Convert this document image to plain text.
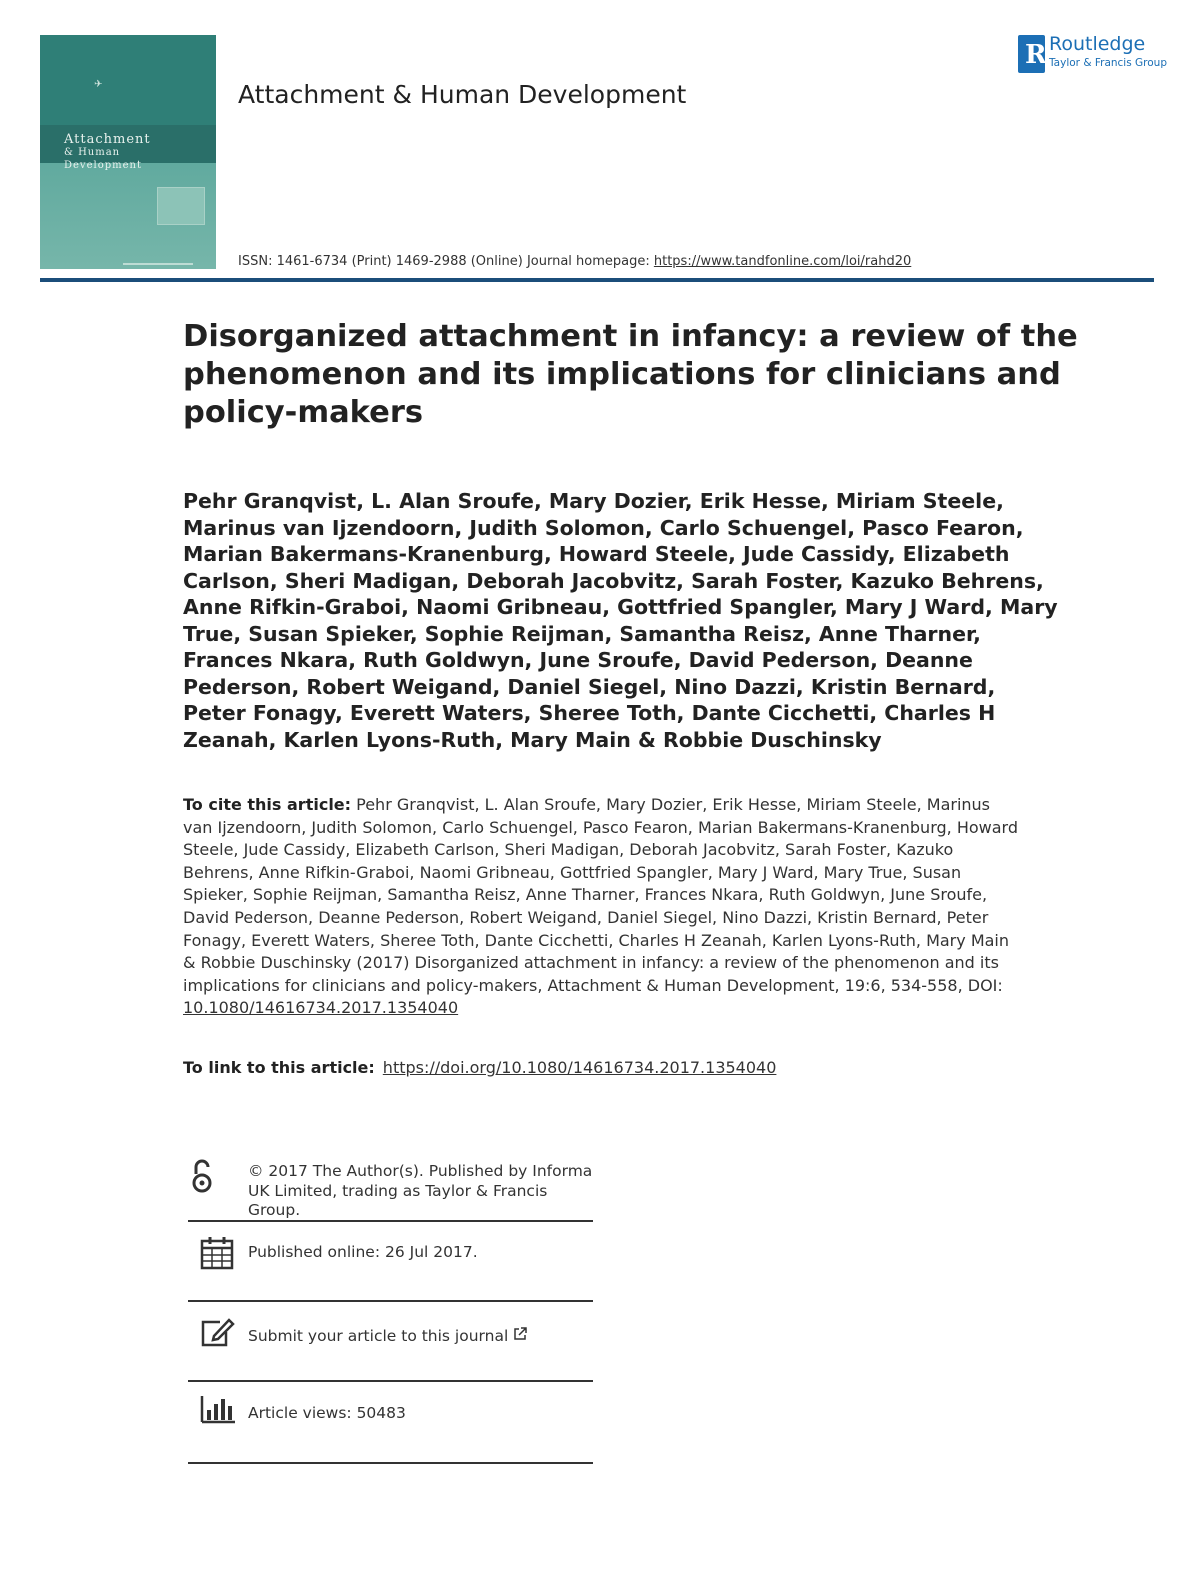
✈
Attachment
& Human
Development
Attachment & Human Development
R Routledge
Taylor & Francis Group
ISSN: 1461-6734 (Print) 1469-2988 (Online) Journal homepage: https://www.tandfonline.com/loi/rahd20
Disorganized attachment in infancy: a review of the phenomenon and its implications for clinicians and policy-makers
Pehr Granqvist, L. Alan Sroufe, Mary Dozier, Erik Hesse, Miriam Steele, Marinus van Ijzendoorn, Judith Solomon, Carlo Schuengel, Pasco Fearon, Marian Bakermans-Kranenburg, Howard Steele, Jude Cassidy, Elizabeth Carlson, Sheri Madigan, Deborah Jacobvitz, Sarah Foster, Kazuko Behrens, Anne Rifkin-Graboi, Naomi Gribneau, Gottfried Spangler, Mary J Ward, Mary True, Susan Spieker, Sophie Reijman, Samantha Reisz, Anne Tharner, Frances Nkara, Ruth Goldwyn, June Sroufe, David Pederson, Deanne Pederson, Robert Weigand, Daniel Siegel, Nino Dazzi, Kristin Bernard, Peter Fonagy, Everett Waters, Sheree Toth, Dante Cicchetti, Charles H Zeanah, Karlen Lyons-Ruth, Mary Main & Robbie Duschinsky
To cite this article: Pehr Granqvist, L. Alan Sroufe, Mary Dozier, Erik Hesse, Miriam Steele, Marinus van Ijzendoorn, Judith Solomon, Carlo Schuengel, Pasco Fearon, Marian Bakermans-Kranenburg, Howard Steele, Jude Cassidy, Elizabeth Carlson, Sheri Madigan, Deborah Jacobvitz, Sarah Foster, Kazuko Behrens, Anne Rifkin-Graboi, Naomi Gribneau, Gottfried Spangler, Mary J Ward, Mary True, Susan Spieker, Sophie Reijman, Samantha Reisz, Anne Tharner, Frances Nkara, Ruth Goldwyn, June Sroufe, David Pederson, Deanne Pederson, Robert Weigand, Daniel Siegel, Nino Dazzi, Kristin Bernard, Peter Fonagy, Everett Waters, Sheree Toth, Dante Cicchetti, Charles H Zeanah, Karlen Lyons-Ruth, Mary Main & Robbie Duschinsky (2017) Disorganized attachment in infancy: a review of the phenomenon and its implications for clinicians and policy-makers, Attachment & Human Development, 19:6, 534-558, DOI: 10.1080/14616734.2017.1354040
To link to this article: https://doi.org/10.1080/14616734.2017.1354040
© 2017 The Author(s). Published by Informa UK Limited, trading as Taylor & Francis Group.
Published online: 26 Jul 2017.
Submit your article to this journal
Article views: 50483
